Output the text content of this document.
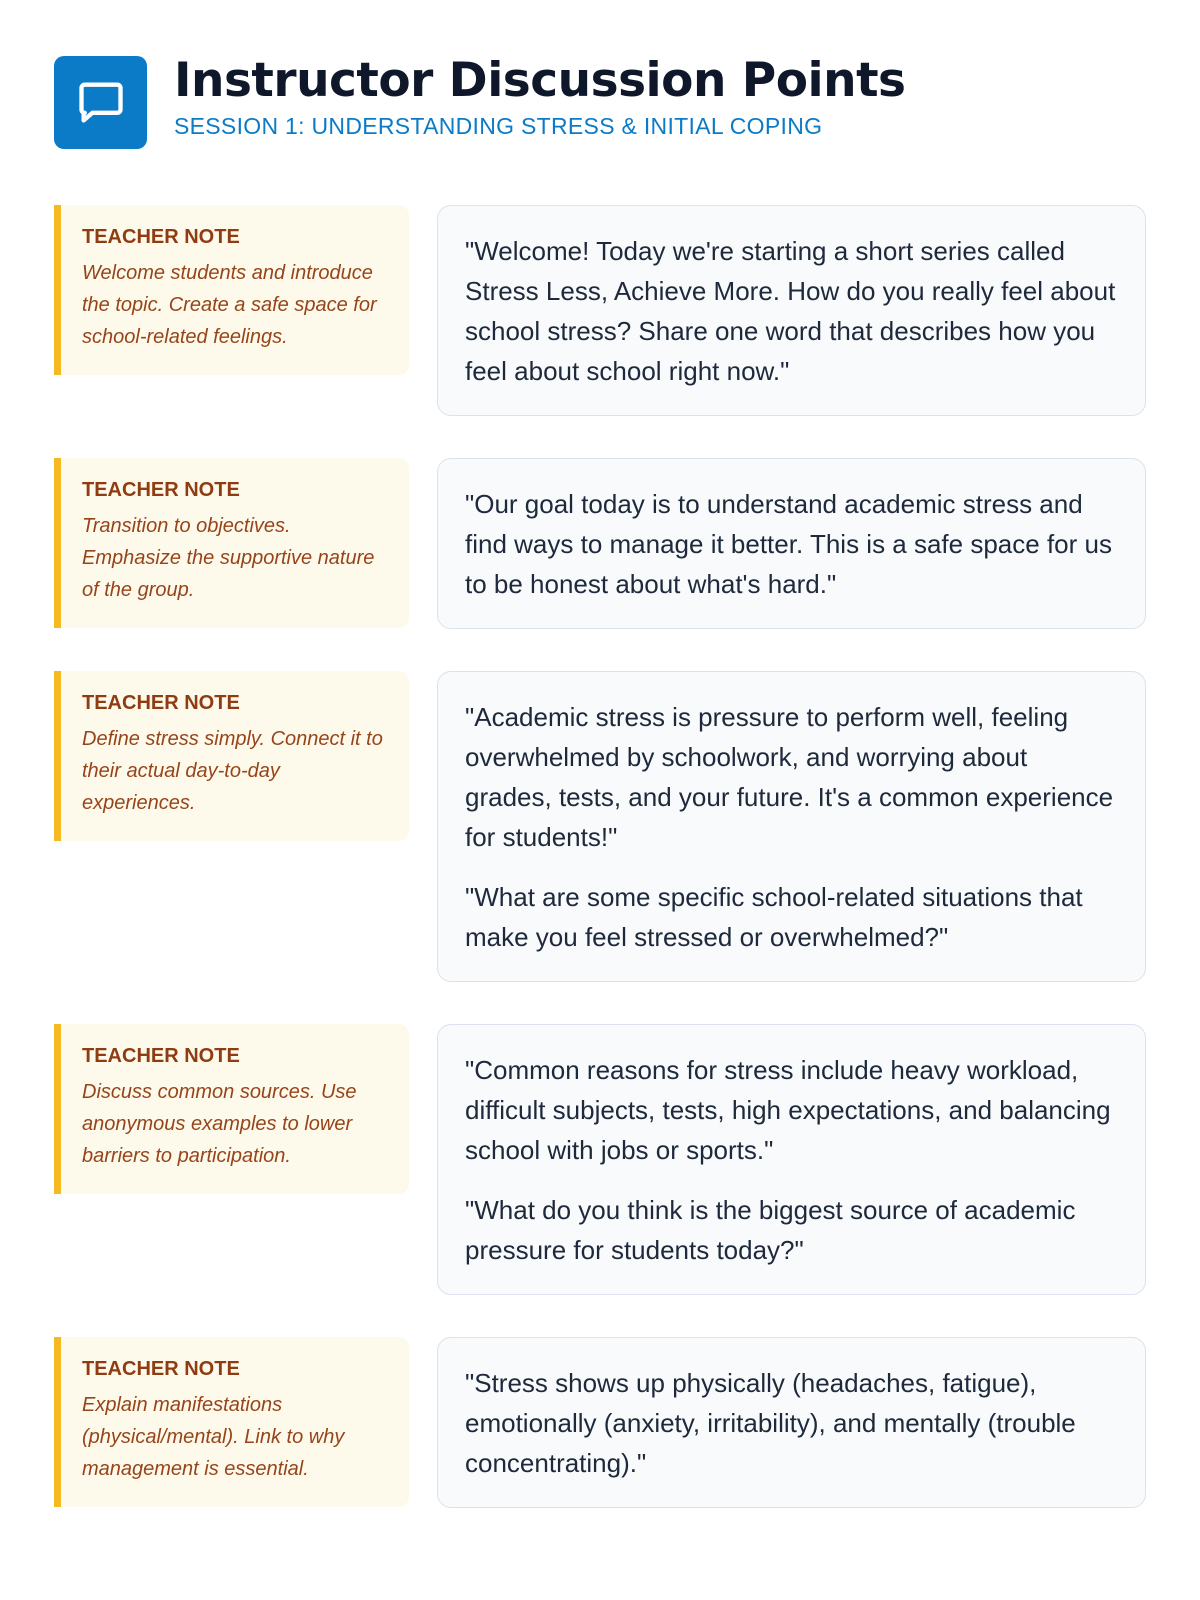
Instructor Discussion Points
SESSION 1: UNDERSTANDING STRESS & INITIAL COPING
TEACHER NOTE
Welcome students and introduce the topic. Create a safe space for school-related feelings.

"Welcome! Today we're starting a short series called Stress Less, Achieve More. How do you really feel about school stress? Share one word that describes how you feel about school right now."

TEACHER NOTE
Transition to objectives. Emphasize the supportive nature of the group.

"Our goal today is to understand academic stress and find ways to manage it better. This is a safe space for us to be honest about what's hard."

TEACHER NOTE
Define stress simply. Connect it to their actual day-to-day experiences.

"Academic stress is pressure to perform well, feeling overwhelmed by schoolwork, and worrying about grades, tests, and your future. It's a common experience for students!"

"What are some specific school-related situations that make you feel stressed or overwhelmed?"

TEACHER NOTE
Discuss common sources. Use anonymous examples to lower barriers to participation.

"Common reasons for stress include heavy workload, difficult subjects, tests, high expectations, and balancing school with jobs or sports."

"What do you think is the biggest source of academic pressure for students today?"

TEACHER NOTE
Explain manifestations (physical/mental). Link to why management is essential.

"Stress shows up physically (headaches, fatigue), emotionally (anxiety, irritability), and mentally (trouble concentrating)."
